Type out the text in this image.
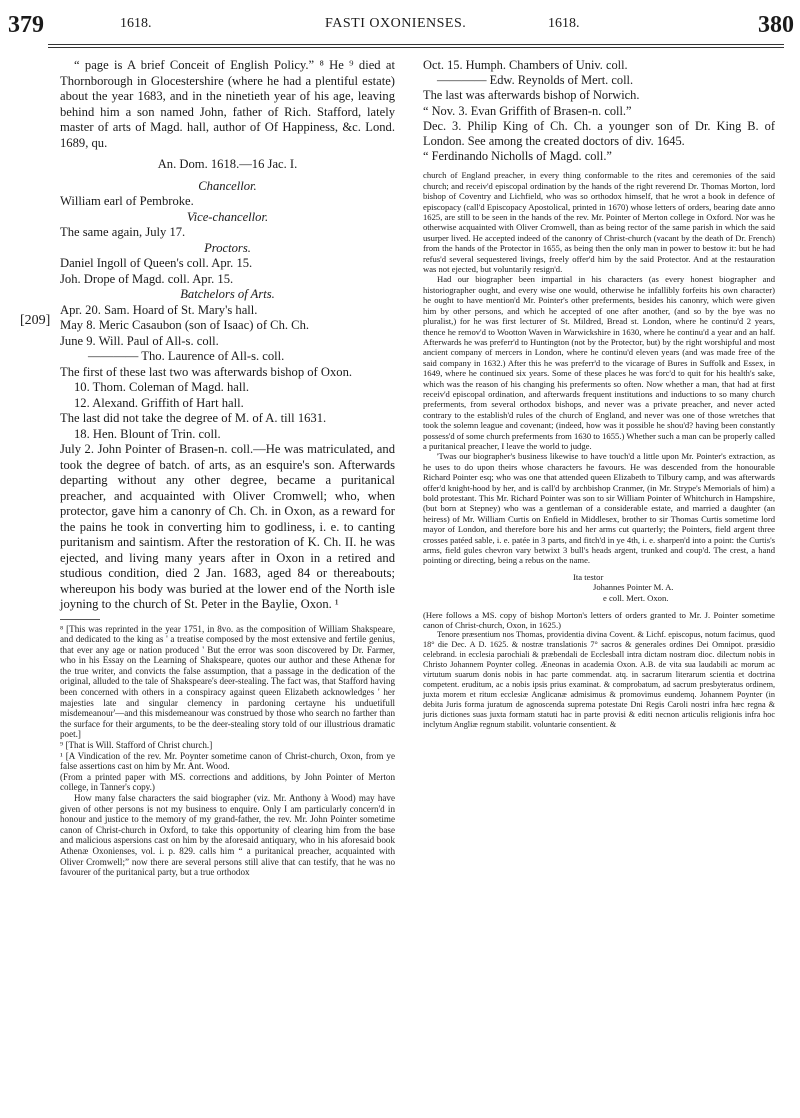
379	1618.	FASTI OXONIENSES.	1618.	380
[209]

“ page is A brief Conceit of English Policy.” ⁸ He ⁹ died at Thornborough in Glocestershire (where he had a plentiful estate) about the year 1683, and in the ninetieth year of his age, leaving behind him a son named John, father of Rich. Stafford, lately master of arts of Magd. hall, author of Of Happiness, &c. Lond. 1689, qu.

An. Dom. 1618.—16 Jac. I.
Chancellor.
William earl of Pembroke.
Vice-chancellor.
The same again, July 17.
Proctors.
Daniel Ingoll of Queen's coll. Apr. 15.
Joh. Drope of Magd. coll. Apr. 15.
Batchelors of Arts.
Apr. 20. Sam. Hoard of St. Mary's hall.
May 8. Meric Casaubon (son of Isaac) of Ch. Ch.
June 9. Will. Paul of All-s. coll.
———— Tho. Laurence of All-s. coll.
The first of these last two was afterwards bishop of Oxon.
10. Thom. Coleman of Magd. hall.
12. Alexand. Griffith of Hart hall.
The last did not take the degree of M. of A. till 1631.
18. Hen. Blount of Trin. coll.

July 2. John Pointer of Brasen-n. coll.—He was matriculated, and took the degree of batch. of arts, as an esquire's son. Afterwards departing without any other degree, became a puritanical preacher, and acquainted with Oliver Cromwell; who, when protector, gave him a canonry of Ch. Ch. in Oxon, as a reward for the pains he took in converting him to godliness, i. e. to canting puritanism and saintism. After the restoration of K. Ch. II. he was ejected, and living many years after in Oxon in a retired and studious condition, died 2 Jan. 1683, aged 84 or thereabouts; whereupon his body was buried at the lower end of the North isle joyning to the church of St. Peter in the Baylie, Oxon. ¹

⁸ [This was reprinted in the year 1751, in 8vo. as the composition of William Shakspeare, and dedicated to the king as ' a treatise composed by the most extensive and fertile genius, that ever any age or nation produced ' But the error was soon discovered by Dr. Farmer, who in his Essay on the Learning of Shakspeare, quotes our author and these Athenæ for the true writer, and convicts the false assumption, that a passage in the dedication of the original, alluded to the tale of Shakspeare's deer-stealing. The fact was, that Stafford having been concerned with others in a conspiracy against queen Elizabeth acknowledges ' her majesties late and singular clemency in pardoning certayne his unduetifull misdemeanour'—and this misdemeanour was construed by those who search no farther than the surface for their arguments, to be the deer-stealing story told of our illustrious dramatic poet.]

⁹ [That is Will. Stafford of Christ church.]

¹ [A Vindication of the rev. Mr. Poynter sometime canon of Christ-church, Oxon, from ye false assertions cast on him by Mr. Ant. Wood.

(From a printed paper with MS. corrections and additions, by John Pointer of Merton college, in Tanner's copy.)

How many false characters the said biographer (viz. Mr. Anthony à Wood) may have given of other persons is not my business to enquire. Only I am particularly concern'd in honour and justice to the memory of my grand-father, the rev. Mr. John Pointer sometime canon of Christ-church in Oxford, to take this opportunity of clearing him from the base and malicious aspersions cast on him by the aforesaid antiquary, who in his aforesaid book Athenæ Oxonienses, vol. i. p. 829. calls him “ a puritanical preacher, acquainted with Oliver Cromwell;” now there are several persons still alive that can testify, that he was no favourer of the puritanical party, but a true orthodox

Oct. 15. Humph. Chambers of Univ. coll.
———— Edw. Reynolds of Mert. coll.
The last was afterwards bishop of Norwich.
“ Nov. 3. Evan Griffith of Brasen-n. coll.”
Dec. 3. Philip King of Ch. Ch. a younger son of Dr. King B. of London. See among the created doctors of div. 1645.
“ Ferdinando Nicholls of Magd. coll.”

church of England preacher, in every thing conformable to the rites and ceremonies of the said church; and receiv'd episcopal ordination by the hands of the right reverend Dr. Thomas Morton, lord bishop of Coventry and Lichfield, who was so orthodox himself, that he wrot a book in defence of episcopacy (call'd Episcopacy Apostolical, printed in 1670) whose letters of orders, bearing date anno 1625, are still to be seen in the hands of the rev. Mr. Pointer of Merton college in Oxford. Nor was he otherwise acquainted with Oliver Cromwell, than as being rector of the same parish in which the said usurper lived. He accepted indeed of the canonry of Christ-church (vacant by the death of Dr. French) from the hands of the Protector in 1655, as being then the only man in power to bestow it: but he had refus'd several sequestered livings, freely offer'd him by the said Protector. And at the restauration was not ejected, but voluntarily resign'd.

Had our biographer been impartial in his characters (as every honest biographer and historiographer ought, and every wise one would, otherwise he infallibly forfeits his own character) he ought to have mention'd Mr. Pointer's other preferments, besides his canonry, which were given him by other persons, and which he accepted of one after another, (and so by the bye was no pluralist,) for he was first lecturer of St. Mildred, Bread st. London, where he continu'd 2 years, thence he remov'd to Wootton Waven in Warwickshire in 1630, where he continu'd a year and an half. Afterwards he was preferr'd to Huntington (not by the Protector, but) by the right worshipful and most ancient company of mercers in London, where he continu'd eleven years (and was made free of the said company in 1632.) After this he was preferr'd to the vicarage of Bures in Suffolk and Essex, in 1649, where he continued six years. Some of these places he was forc'd to quit for his health's sake, which was the reason of his changing his preferments so often. Now whether a man, that had at first receiv'd episcopal ordination, and afterwards frequent institutions and inductions to so many church preferments, from several orthodox bishops, and never was a private preacher, and never acted contrary to the establish'd rules of the church of England, and never was one of those wretches that took the solemn league and covenant; (indeed, how was it possible he shou'd? having been constantly possess'd of some church preferments from 1630 to 1655.) Whether such a man can be properly called a puritanical preacher, I leave the world to judge.

'Twas our biographer's business likewise to have touch'd a little upon Mr. Pointer's extraction, as he uses to do upon theirs whose characters he favours. He was descended from the honourable Richard Pointer esq; who was one that attended queen Elizabeth to Tilbury camp, and was afterwards offer'd knight-hood by her, and is call'd by archbishop Cranmer, (in Mr. Strype's Memorials of him) a bold protestant. This Mr. Richard Pointer was son to sir William Pointer of Whitchurch in Hampshire, (but born at Stepney) who was a gentleman of a considerable estate, and married a daughter (an heiress) of Mr. William Curtis on Enfield in Middlesex, brother to sir Thomas Curtis sometime lord mayor of London, and therefore bore his and her arms cut quarterly; the Pointers, field argent three crosses patéed sable, i. e. patée in 3 parts, and fitch'd in ye 4th, i. e. sharpen'd into a point: the Curtis's arms, field gules chevron vary betwixt 3 bull's heads argent, trunked and coup'd. The crest, a hand pointing or directing, being a rebus on the name.

Ita testor
Johannes Pointer M. A.
e coll. Mert. Oxon.

(Here follows a MS. copy of bishop Morton's letters of orders granted to Mr. J. Pointer sometime canon of Christ-church, Oxon, in 1625.)

Tenore præsentium nos Thomas, providentia divina Covent. & Lichf. episcopus, notum facimus, quod 18° die Dec. A D. 1625. & nostræ translationis 7° sacros & generales ordines Dei Omnipot. præsidio celebrand. in ecclesia parochiali & præbendali de Ecclesball intra dictam nostram dioc. dilectum nobis in Christo Johannem Poynter colleg. Æneonas in academia Oxon. A.B. de vita sua laudabili ac morum ac virtutum suarum donis nobis in hac parte commendat. atq. in sacrarum literarum scientia et doctrina competent. eruditum, ac a nobis ipsis prius examinat. & comprobatum, ad sacrum presbyteratus ordinem, juxta morem et ritum ecclesiæ Anglicanæ admisimus & promovimus eundemq. Johannem Poynter (in debita Juris forma juratum de agnoscenda suprema potestate Dni Regis Caroli nostri infra hæc regna & juris dictiones suas juxta formam statuti hac in parte provisi & editi necnon articulis religionis infra hoc inclytum Angliæ regnum stabilit. voluntarie consentient. &
